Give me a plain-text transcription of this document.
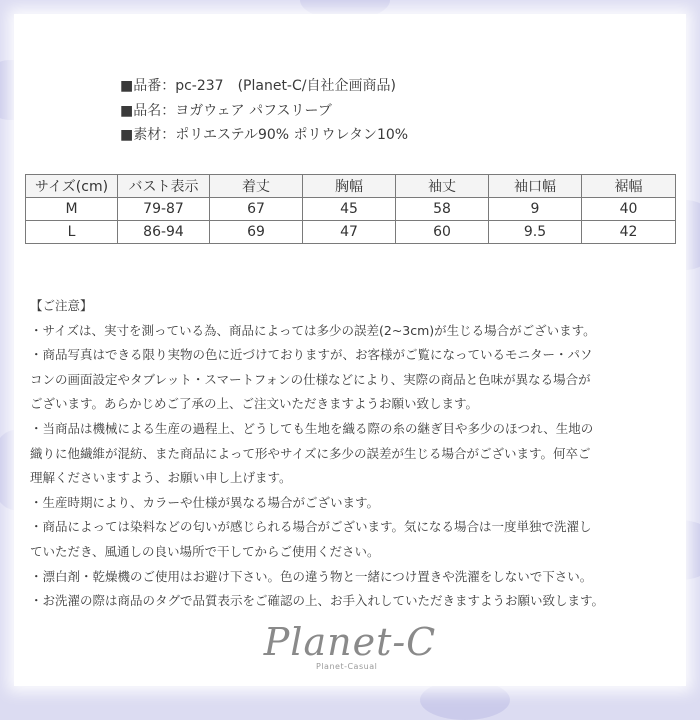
■品番：pc-237　(Planet-C/自社企画商品)
■品名：ヨガウェア パフスリーブ
■素材：ポリエステル90% ポリウレタン10%
サイズ(cm)	バスト表示	着丈	胸幅	袖丈	袖口幅	裾幅
M	79-87	67	45	58	9	40
L	86-94	69	47	60	9.5	42
【ご注意】
・サイズは、実寸を測っている為、商品によっては多少の誤差(2~3cm)が生じる場合がございます。
・商品写真はできる限り実物の色に近づけておりますが、お客様がご覧になっているモニター・パソ
コンの画面設定やタブレット・スマートフォンの仕様などにより、実際の商品と色味が異なる場合が
ございます。あらかじめご了承の上、ご注文いただきますようお願い致します。
・当商品は機械による生産の過程上、どうしても生地を織る際の糸の継ぎ目や多少のほつれ、生地の
織りに他繊維が混紡、また商品によって形やサイズに多少の誤差が生じる場合がございます。何卒ご
理解くださいますよう、お願い申し上げます。
・生産時期により、カラーや仕様が異なる場合がございます。
・商品によっては染料などの匂いが感じられる場合がございます。気になる場合は一度単独で洗濯し
ていただき、風通しの良い場所で干してからご使用ください。
・漂白剤・乾燥機のご使用はお避け下さい。色の違う物と一緒につけ置きや洗濯をしないで下さい。
・お洗濯の際は商品のタグで品質表示をご確認の上、お手入れしていただきますようお願い致します。
Planet-C
Planet-Casual
